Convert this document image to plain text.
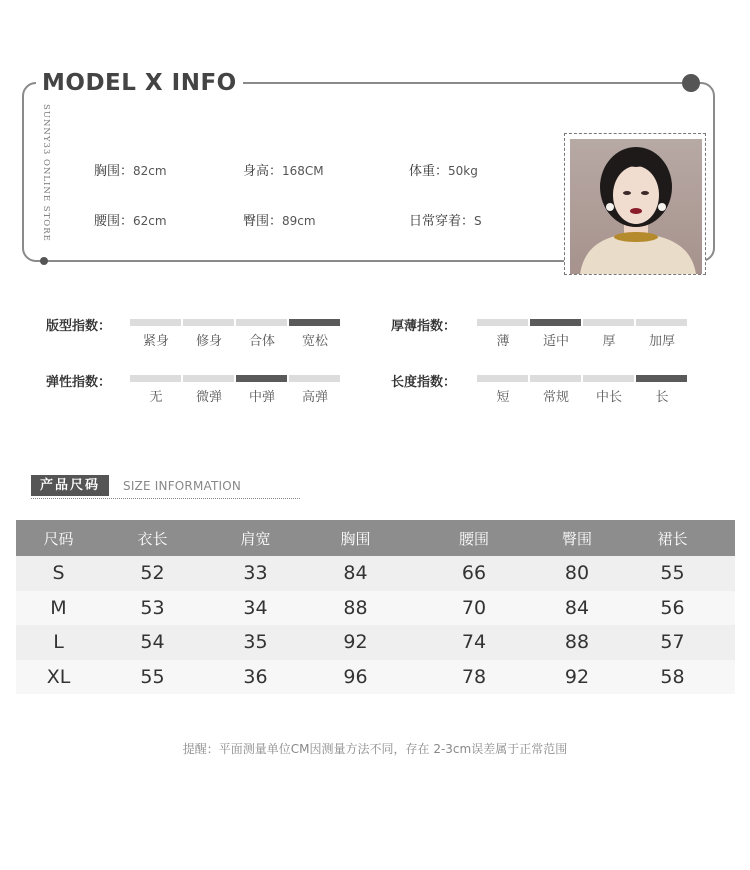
MODEL X INFO
SUNNY33 ONLINE STORE	胸围：82cm	身高：168CM	体重：50kg
腰围：62cm	臀围：89cm	日常穿着：S
版型指数：
紧身	修身	合体	宽松
厚薄指数：
薄	适中	厚	加厚
弹性指数：
无	微弹	中弹	高弹
长度指数：
短	常规	中长	长
产品尺码	SIZE INFORMATION
尺码	衣长	肩宽	胸围	腰围	臀围	裙长
S	52	33	84	66	80	55
M	53	34	88	70	84	56
L	54	35	92	74	88	57
XL	55	36	96	78	92	58
提醒：平面测量单位CM因测量方法不同，存在 2-3cm误差属于正常范围
